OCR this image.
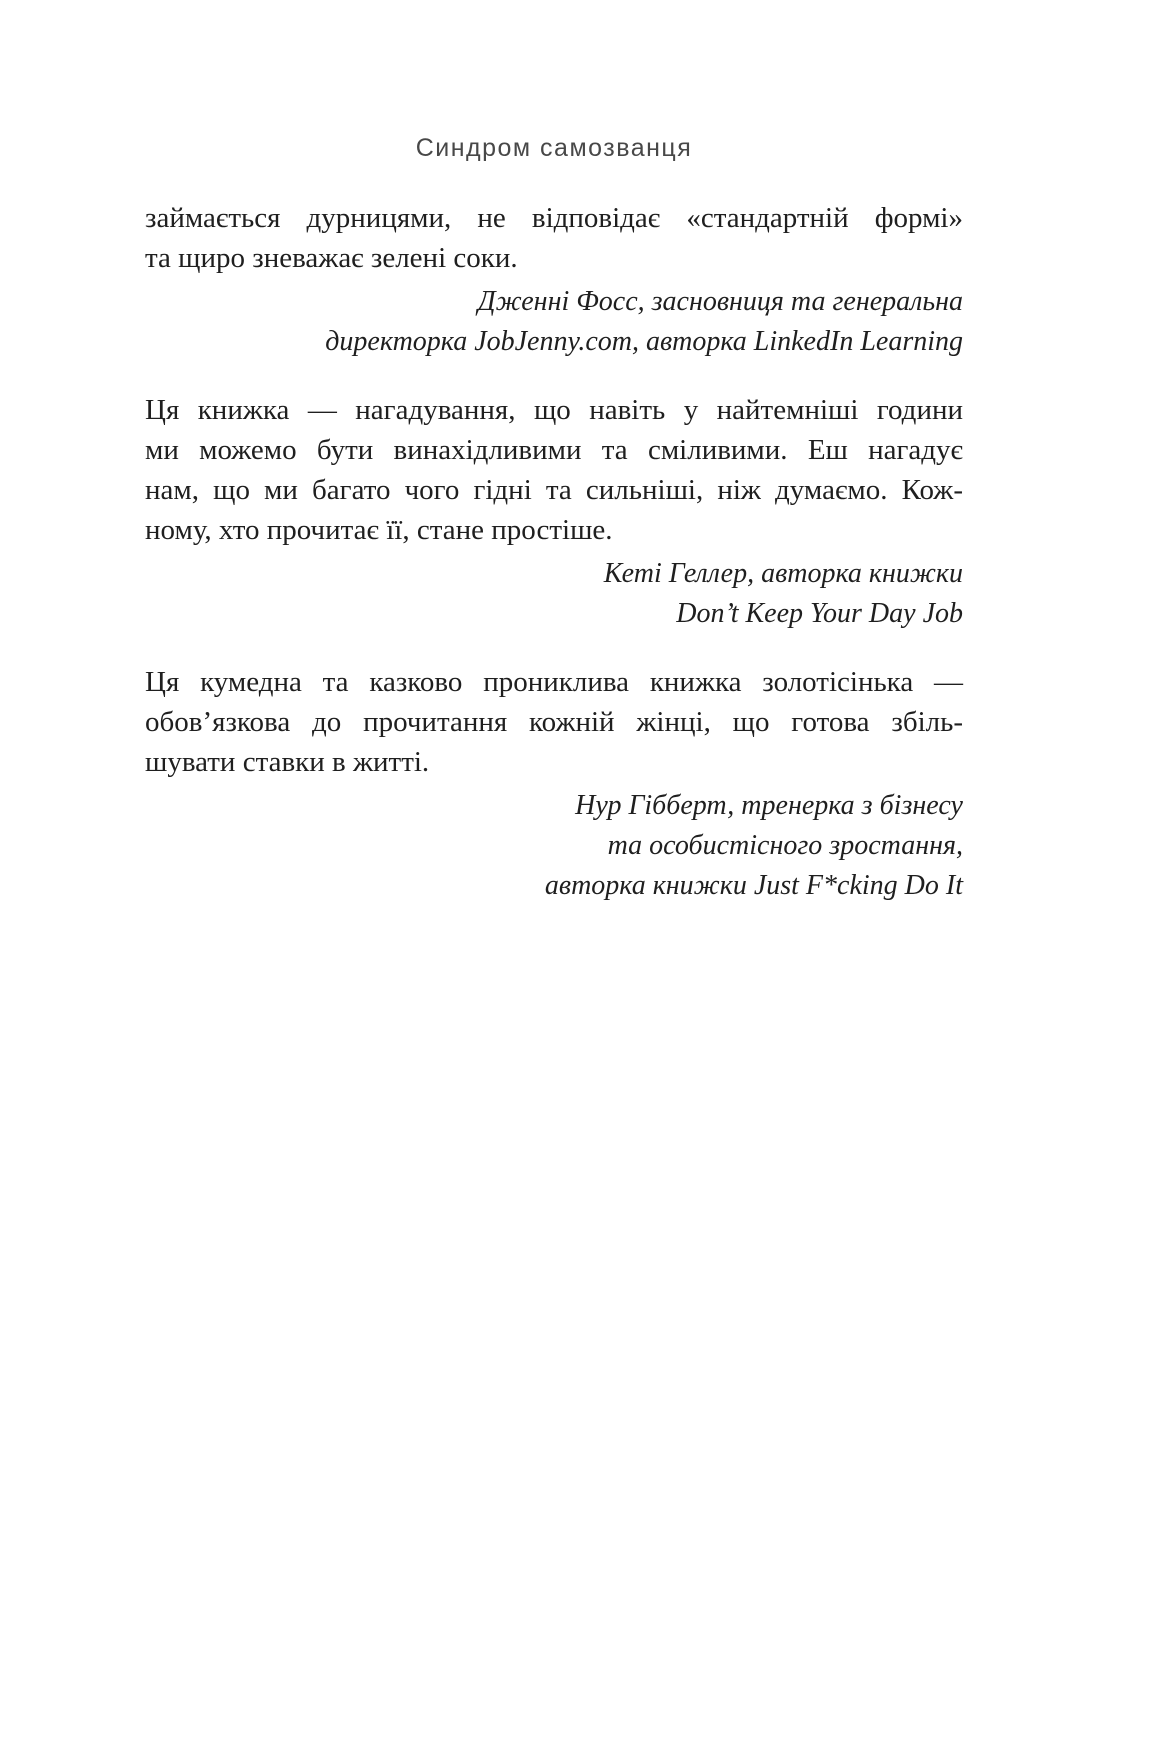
Синдром самозванця
займається дурницями, не відповідає «стандартній формі»
та щиро зневажає зелені соки.
Дженні Фосс, засновниця та генеральна
директорка JobJenny.com, авторка LinkedIn Learning
Ця книжка — нагадування, що навіть у найтемніші години
ми можемо бути винахідливими та сміливими. Еш нагадує
нам, що ми багато чого гідні та сильніші, ніж думаємо. Кож-
ному, хто прочитає її, стане простіше.
Кеті Геллер, авторка книжки
Don’t Keep Your Day Job
Ця кумедна та казково прониклива книжка золотісінька —
обов’язкова до прочитання кожній жінці, що готова збіль-
шувати ставки в житті.
Нур Гібберт, тренерка з бізнесу
та особистісного зростання,
авторка книжки Just F*cking Do It
